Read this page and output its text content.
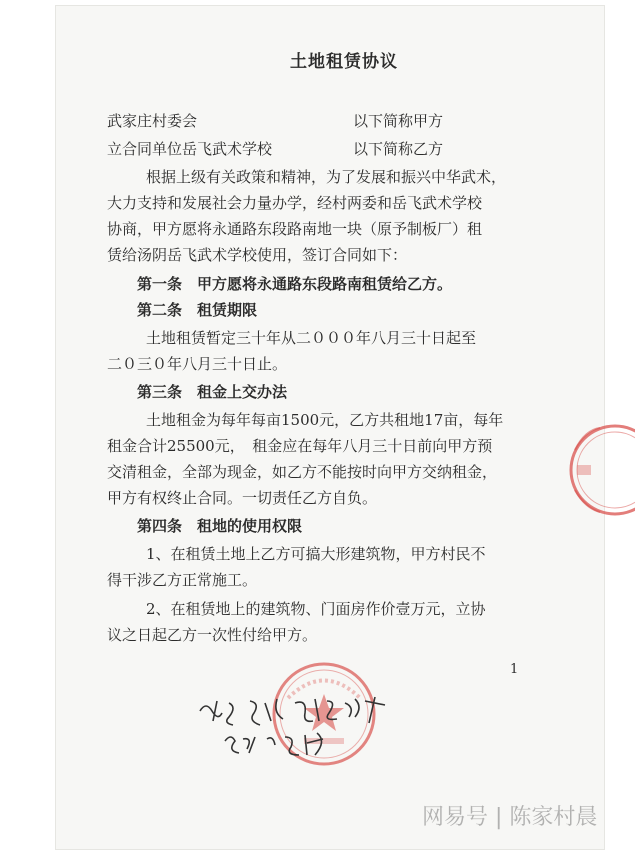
土地租赁协议
武家庄村委会	以下简称甲方
立合同单位岳飞武术学校	以下简称乙方
根据上级有关政策和精神，为了发展和振兴中华武术，
大力支持和发展社会力量办学，经村两委和岳飞武术学校
协商，甲方愿将永通路东段路南地一块（原予制板厂）租
赁给汤阴岳飞武术学校使用，签订合同如下：
第一条　甲方愿将永通路东段路南租赁给乙方。
第二条　租赁期限
土地租赁暂定三十年从二０００年八月三十日起至
二０三０年八月三十日止。
第三条　租金上交办法
土地租金为每年每亩1500元，乙方共租地17亩，每年
租金合计25500元，　租金应在每年八月三十日前向甲方预
交清租金，全部为现金，如乙方不能按时向甲方交纳租金，
甲方有权终止合同。一切责任乙方自负。
第四条　租地的使用权限
1、在租赁土地上乙方可搞大形建筑物，甲方村民不
得干涉乙方正常施工。
2、在租赁地上的建筑物、门面房作价壹万元，立协
议之日起乙方一次性付给甲方。
1
网易号 | 陈家村晨
